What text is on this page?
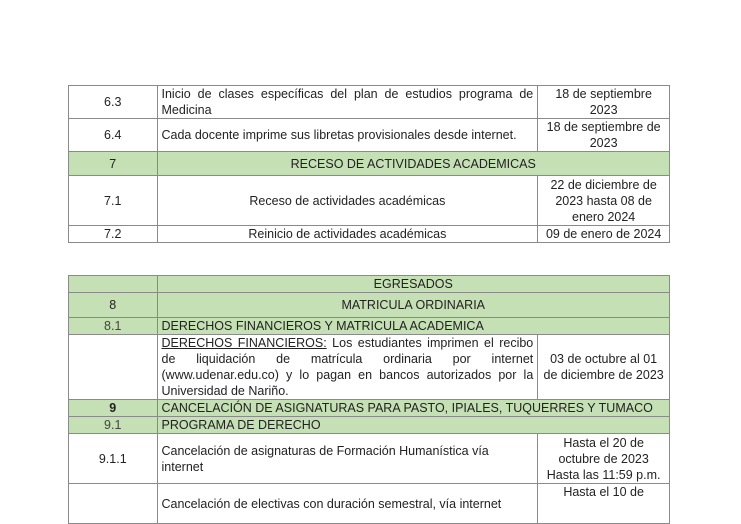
6.3	Inicio de clases específicas del plan de estudios programa de Medicina	18 de septiembre 2023
6.4	Cada docente imprime sus libretas provisionales desde internet.	18 de septiembre de 2023
7	RECESO DE ACTIVIDADES ACADEMICAS	
7.1	Receso de actividades académicas	22 de diciembre de 2023 hasta 08 de enero 2024
7.2	Reinicio de actividades académicas	09 de enero de 2024
	EGRESADOS	
8	MATRICULA ORDINARIA	
8.1	DERECHOS FINANCIEROS Y MATRICULA ACADEMICA	
	DERECHOS FINANCIEROS: Los estudiantes imprimen el recibo de liquidación de matrícula ordinaria por internet (www.udenar.edu.co) y lo pagan en bancos autorizados por la Universidad de Nariño.	03 de octubre al 01 de diciembre de 2023
9	CANCELACIÓN DE ASIGNATURAS PARA PASTO, IPIALES, TUQUERRES Y TUMACO	
9.1	PROGRAMA DE DERECHO	
9.1.1	Cancelación de asignaturas de Formación Humanística vía internet	Hasta el 20 de octubre de 2023 Hasta las 11:59 p.m.
	Cancelación de electivas con duración semestral, vía internet	Hasta el 10 de
